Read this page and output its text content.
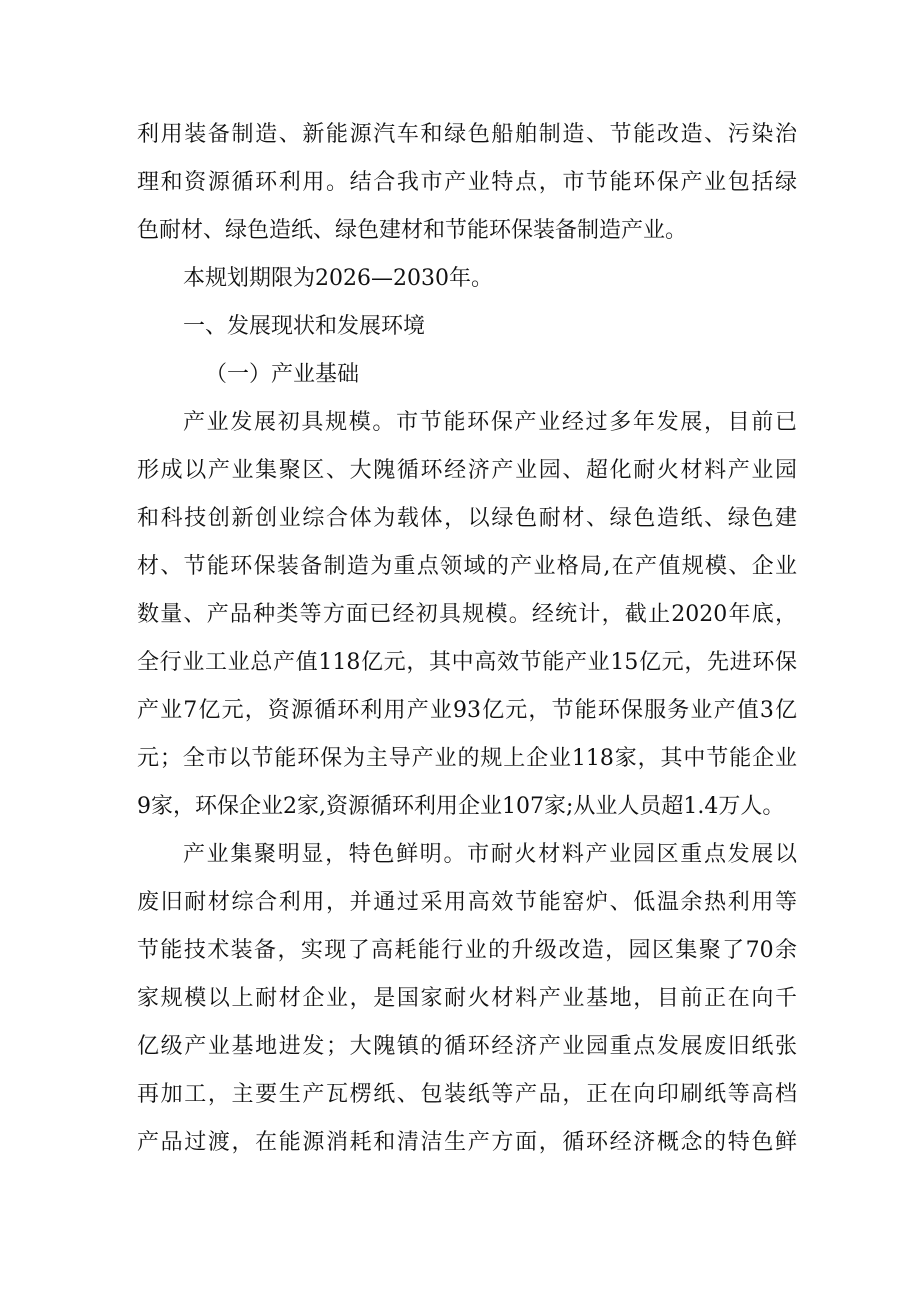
利用装备制造、新能源汽车和绿色船舶制造、节能改造、污染治
理和资源循环利用。结合我市产业特点，市节能环保产业包括绿
色耐材、绿色造纸、绿色建材和节能环保装备制造产业。
本规划期限为2026—2030年。
一、发展现状和发展环境
（一）产业基础
产业发展初具规模。市节能环保产业经过多年发展，目前已
形成以产业集聚区、大隗循环经济产业园、超化耐火材料产业园
和科技创新创业综合体为载体，以绿色耐材、绿色造纸、绿色建
材、节能环保装备制造为重点领域的产业格局,在产值规模、企业
数量、产品种类等方面已经初具规模。经统计，截止2020年底，
全行业工业总产值118亿元，其中高效节能产业15亿元，先进环保
产业7亿元，资源循环利用产业93亿元，节能环保服务业产值3亿
元；全市以节能环保为主导产业的规上企业118家，其中节能企业
9家，环保企业2家,资源循环利用企业107家;从业人员超1.4万人。
产业集聚明显，特色鲜明。市耐火材料产业园区重点发展以
废旧耐材综合利用，并通过采用高效节能窑炉、低温余热利用等
节能技术装备，实现了高耗能行业的升级改造，园区集聚了70余
家规模以上耐材企业，是国家耐火材料产业基地，目前正在向千
亿级产业基地进发；大隗镇的循环经济产业园重点发展废旧纸张
再加工，主要生产瓦楞纸、包装纸等产品，正在向印刷纸等高档
产品过渡，在能源消耗和清洁生产方面，循环经济概念的特色鲜
